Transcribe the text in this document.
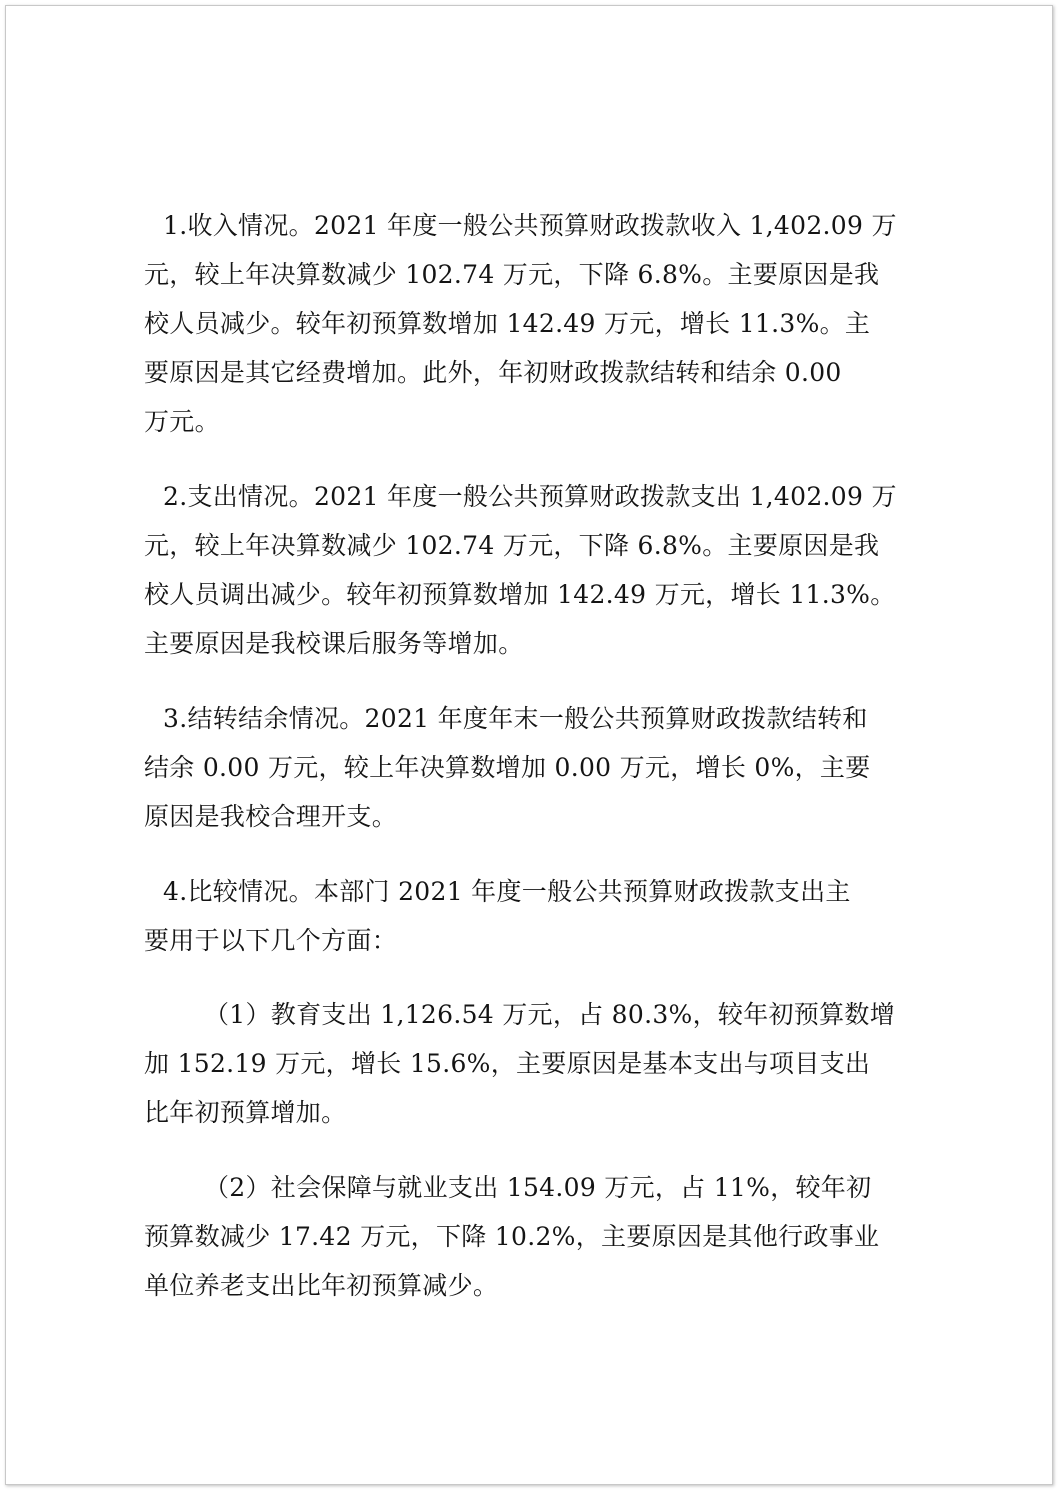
1.收入情况。2021 年度一般公共预算财政拨款收入 1,402.09 万
元，较上年决算数减少 102.74 万元，下降 6.8%。主要原因是我
校人员减少。较年初预算数增加 142.49 万元，增长 11.3%。主
要原因是其它经费增加。此外，年初财政拨款结转和结余 0.00
万元。
2.支出情况。2021 年度一般公共预算财政拨款支出 1,402.09 万
元，较上年决算数减少 102.74 万元，下降 6.8%。主要原因是我
校人员调出减少。较年初预算数增加 142.49 万元，增长 11.3%。
主要原因是我校课后服务等增加。
3.结转结余情况。2021 年度年末一般公共预算财政拨款结转和
结余 0.00 万元，较上年决算数增加 0.00 万元，增长 0%，主要
原因是我校合理开支。
4.比较情况。本部门 2021 年度一般公共预算财政拨款支出主
要用于以下几个方面：
（1）教育支出 1,126.54 万元，占 80.3%，较年初预算数增
加 152.19 万元，增长 15.6%，主要原因是基本支出与项目支出
比年初预算增加。
（2）社会保障与就业支出 154.09 万元，占 11%，较年初
预算数减少 17.42 万元，下降 10.2%，主要原因是其他行政事业
单位养老支出比年初预算减少。
